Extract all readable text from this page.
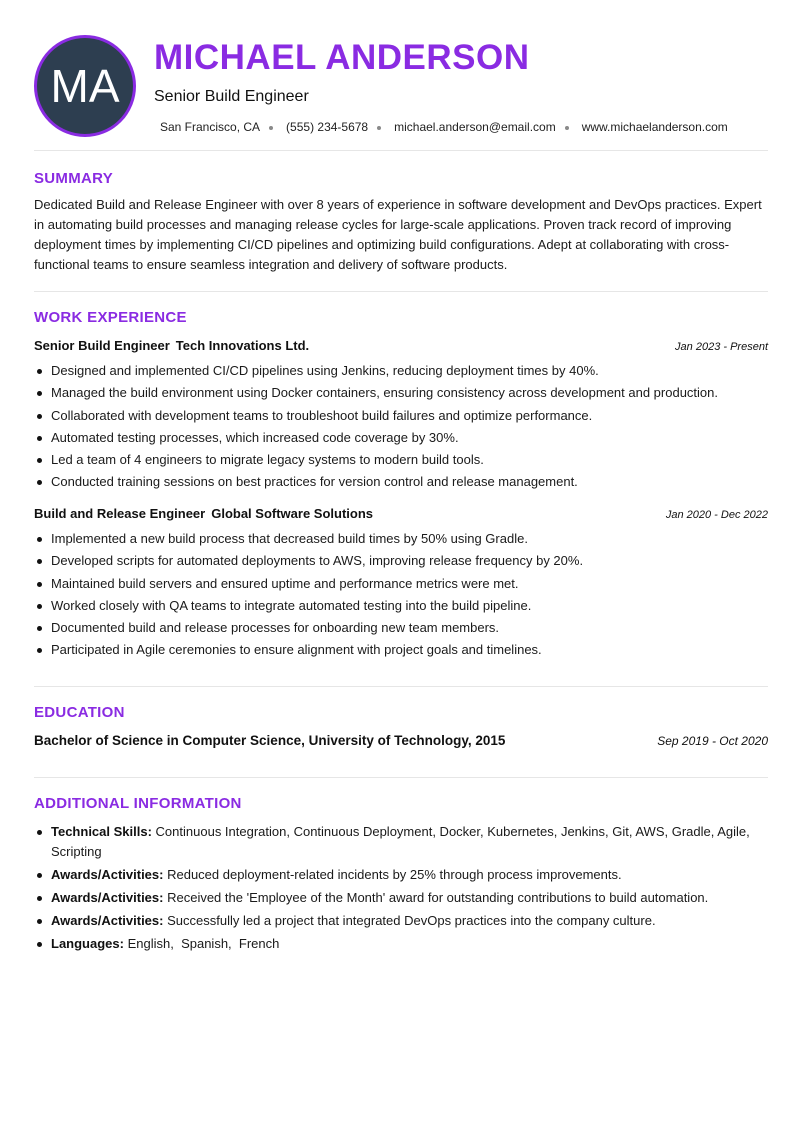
MA
MICHAEL ANDERSON
Senior Build Engineer
San Francisco, CA (555) 234-5678 michael.anderson@email.com www.michaelanderson.com
SUMMARY
Dedicated Build and Release Engineer with over 8 years of experience in software development and DevOps practices. Expert in automating build processes and managing release cycles for large-scale applications. Proven track record of improving deployment times by implementing CI/CD pipelines and optimizing build configurations. Adept at collaborating with cross-functional teams to ensure seamless integration and delivery of software products.
WORK EXPERIENCE
Senior Build Engineer Tech Innovations Ltd.	Jan 2023 - Present
Designed and implemented CI/CD pipelines using Jenkins, reducing deployment times by 40%.
Managed the build environment using Docker containers, ensuring consistency across development and production.
Collaborated with development teams to troubleshoot build failures and optimize performance.
Automated testing processes, which increased code coverage by 30%.
Led a team of 4 engineers to migrate legacy systems to modern build tools.
Conducted training sessions on best practices for version control and release management.
Build and Release Engineer Global Software Solutions	Jan 2020 - Dec 2022
Implemented a new build process that decreased build times by 50% using Gradle.
Developed scripts for automated deployments to AWS, improving release frequency by 20%.
Maintained build servers and ensured uptime and performance metrics were met.
Worked closely with QA teams to integrate automated testing into the build pipeline.
Documented build and release processes for onboarding new team members.
Participated in Agile ceremonies to ensure alignment with project goals and timelines.
EDUCATION
Bachelor of Science in Computer Science, University of Technology, 2015	Sep 2019 - Oct 2020
ADDITIONAL INFORMATION
Technical Skills: Continuous Integration, Continuous Deployment, Docker, Kubernetes, Jenkins, Git, AWS, Gradle, Agile, Scripting
Awards/Activities: Reduced deployment-related incidents by 25% through process improvements.
Awards/Activities: Received the 'Employee of the Month' award for outstanding contributions to build automation.
Awards/Activities: Successfully led a project that integrated DevOps practices into the company culture.
Languages: English,  Spanish,  French
